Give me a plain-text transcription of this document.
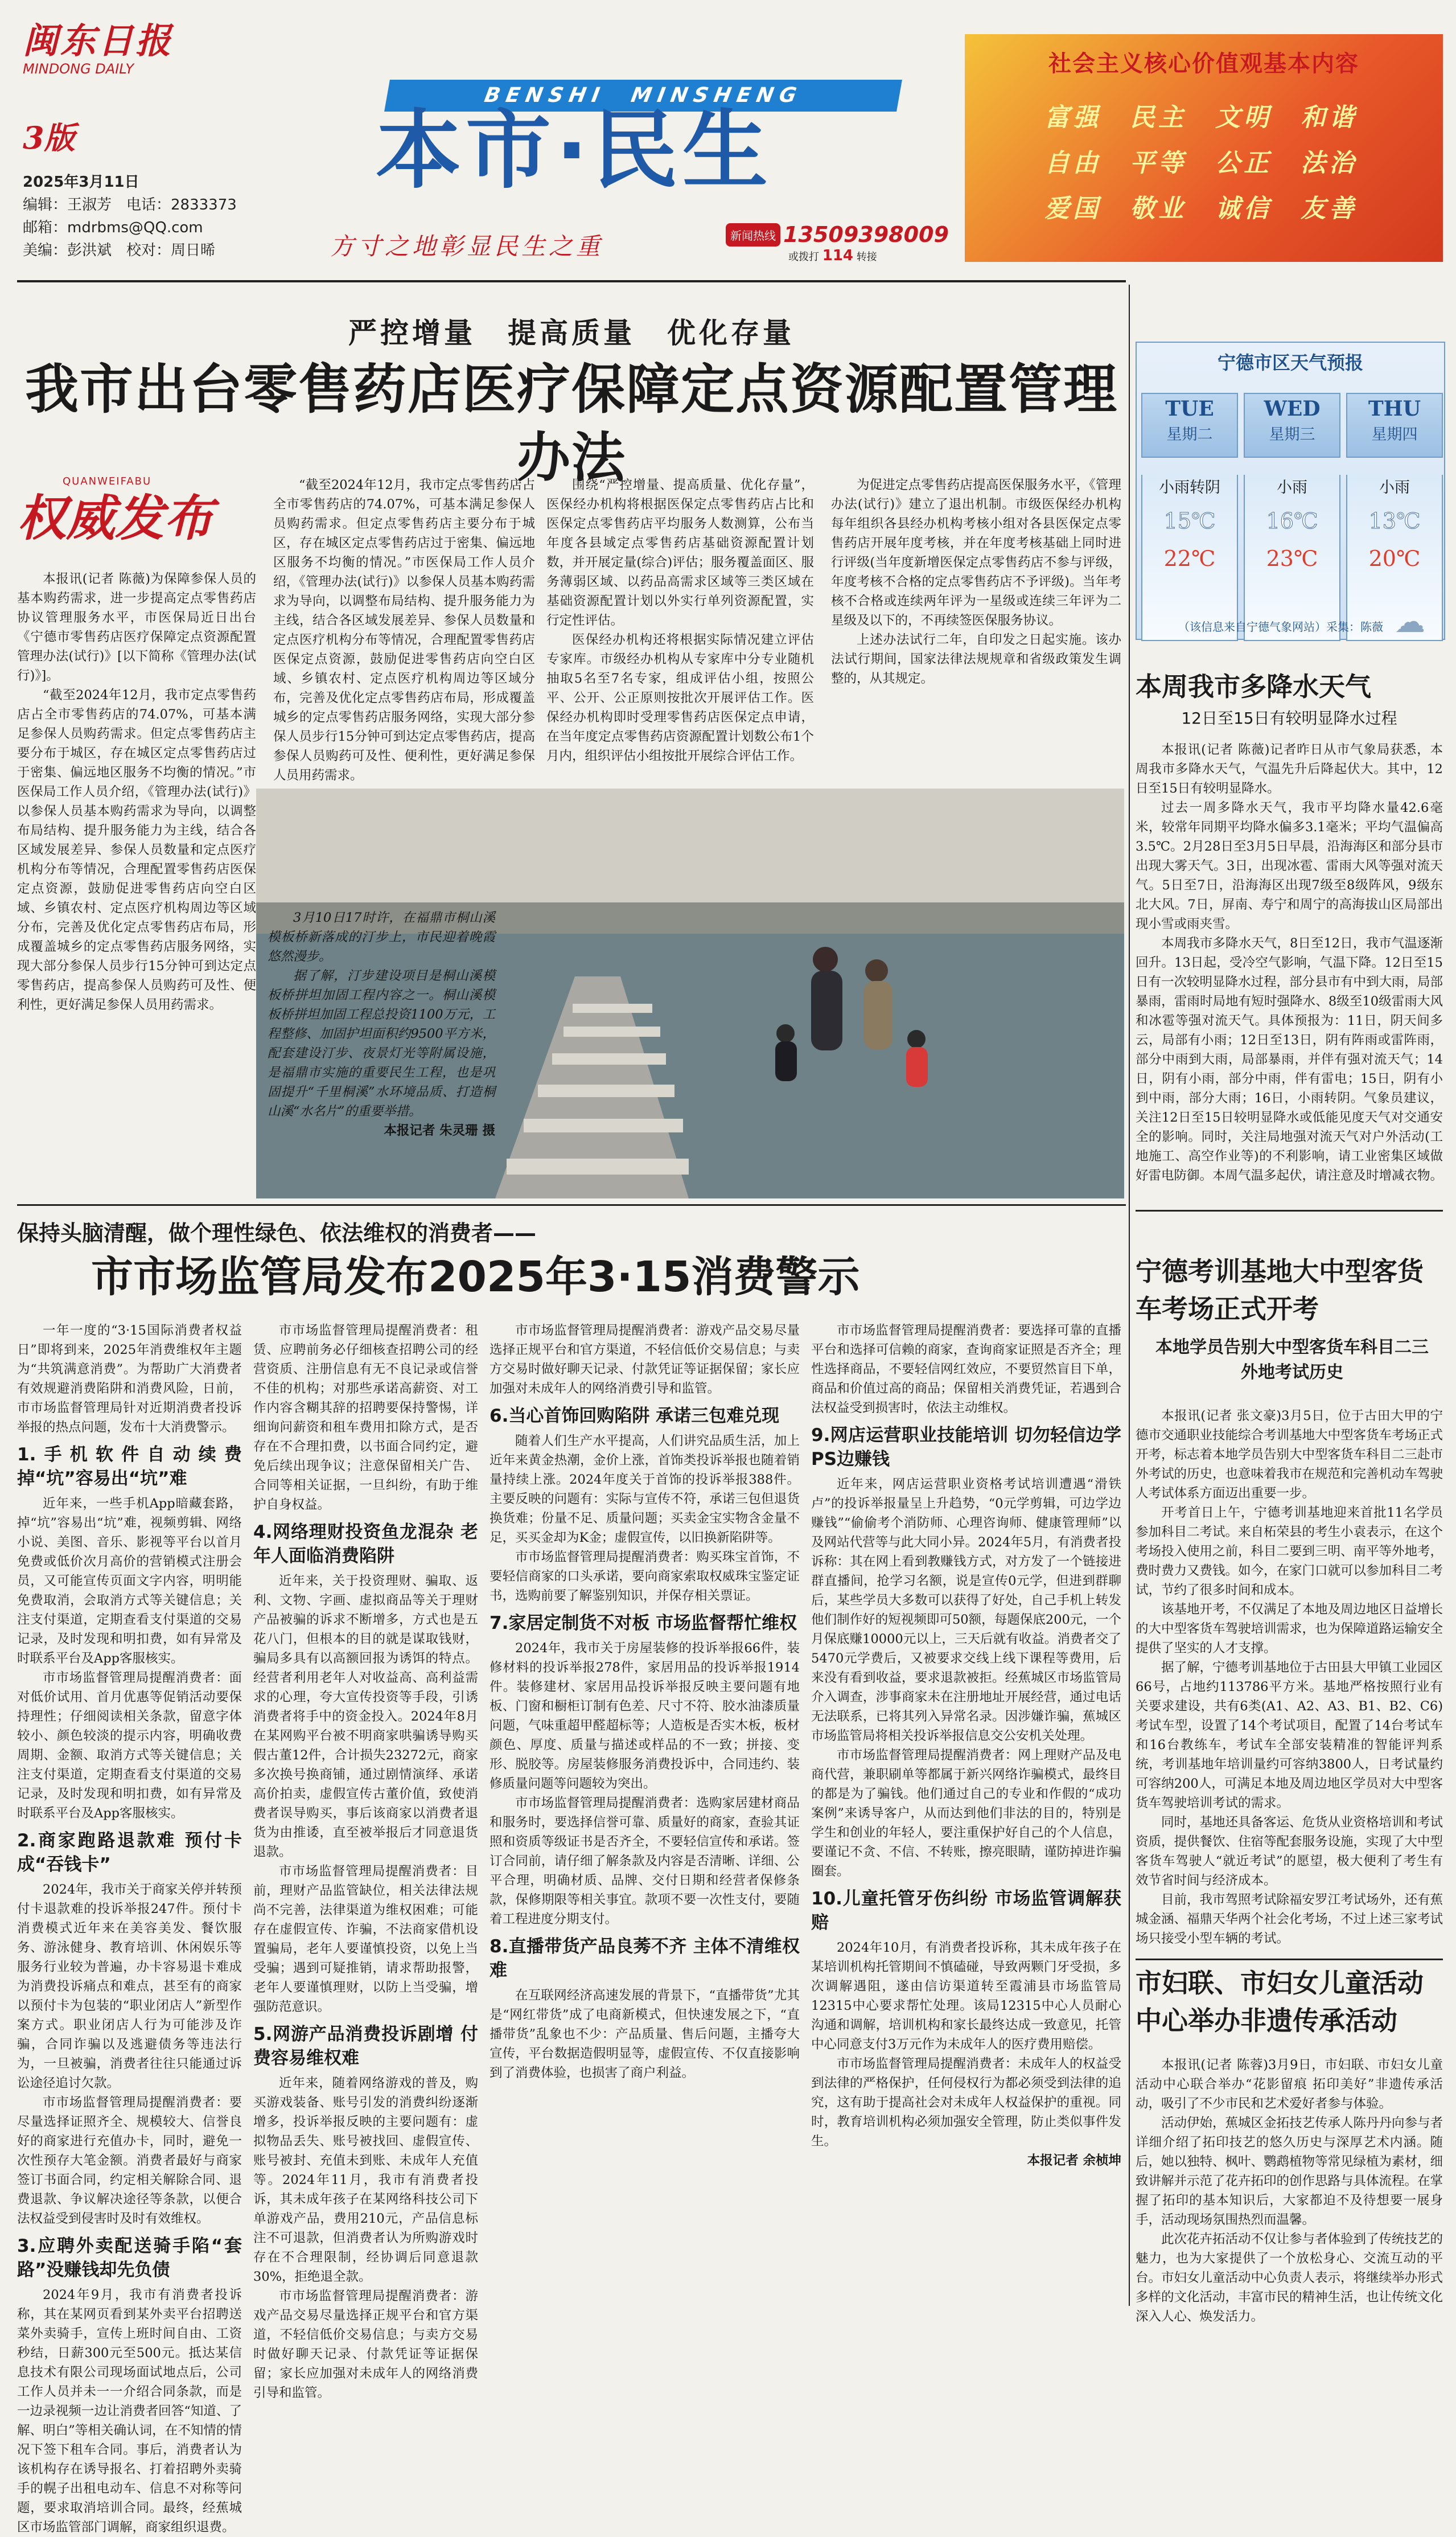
闽东日报
MINDONG DAILY
3版
2025年3月11日
编辑：王淑芳　电话：2833373
邮箱：mdrbms@QQ.com
美编：彭洪斌　校对：周日晞
BENSHI　MINSHENG
本市·民生
方寸之地彰显民生之重	新闻热线 13509398009
或拨打 114 转接
社会主义核心价值观基本内容
富强　民主　文明　和谐
自由　平等　公正　法治
爱国　敬业　诚信　友善
严控增量　提高质量　优化存量
我市出台零售药店医疗保障定点资源配置管理办法
QUANWEIFABU
权威发布

本报讯(记者 陈薇)为保障参保人员的基本购药需求，进一步提高定点零售药店协议管理服务水平，市医保局近日出台《宁德市零售药店医疗保障定点资源配置管理办法(试行)》[以下简称《管理办法(试行)》]。

“截至2024年12月，我市定点零售药店占全市零售药店的74.07%，可基本满足参保人员购药需求。但定点零售药店主要分布于城区，存在城区定点零售药店过于密集、偏远地区服务不均衡的情况。”市医保局工作人员介绍，《管理办法(试行)》以参保人员基本购药需求为导向，以调整布局结构、提升服务能力为主线，结合各区域发展差异、参保人员数量和定点医疗机构分布等情况，合理配置零售药店医保定点资源，鼓励促进零售药店向空白区域、乡镇农村、定点医疗机构周边等区域分布，完善及优化定点零售药店布局，形成覆盖城乡的定点零售药店服务网络，实现大部分参保人员步行15分钟可到达定点零售药店，提高参保人员购药可及性、便利性，更好满足参保人员用药需求。

“截至2024年12月，我市定点零售药店占全市零售药店的74.07%，可基本满足参保人员购药需求。但定点零售药店主要分布于城区，存在城区定点零售药店过于密集、偏远地区服务不均衡的情况。”市医保局工作人员介绍，《管理办法(试行)》以参保人员基本购药需求为导向，以调整布局结构、提升服务能力为主线，结合各区域发展差异、参保人员数量和定点医疗机构分布等情况，合理配置零售药店医保定点资源，鼓励促进零售药店向空白区域、乡镇农村、定点医疗机构周边等区域分布，完善及优化定点零售药店布局，形成覆盖城乡的定点零售药店服务网络，实现大部分参保人员步行15分钟可到达定点零售药店，提高参保人员购药可及性、便利性，更好满足参保人员用药需求。

围绕“严控增量、提高质量、优化存量”，医保经办机构将根据医保定点零售药店占比和医保定点零售药店平均服务人数测算，公布当年度各县域定点零售药店基础资源配置计划数，并开展定量(综合)评估；服务覆盖面区、服务薄弱区域、以药品高需求区域等三类区域在基础资源配置计划以外实行单列资源配置，实行定性评估。

医保经办机构还将根据实际情况建立评估专家库。市级经办机构从专家库中分专业随机抽取5名至7名专家，组成评估小组，按照公平、公开、公正原则按批次开展评估工作。医保经办机构即时受理零售药店医保定点申请，在当年度定点零售药店资源配置计划数公布1个月内，组织评估小组按批开展综合评估工作。

为促进定点零售药店提高医保服务水平，《管理办法(试行)》建立了退出机制。市级医保经办机构每年组织各县经办机构考核小组对各县医保定点零售药店开展年度考核，并在年度考核基础上同时进行评级(当年度新增医保定点零售药店不参与评级，年度考核不合格的定点零售药店不予评级)。当年考核不合格或连续两年评为一星级或连续三年评为二星级及以下的，不再续签医保服务协议。

上述办法试行二年，自印发之日起实施。该办法试行期间，国家法律法规规章和省级政策发生调整的，从其规定。

3月10日17时许，在福鼎市桐山溪模板桥新落成的汀步上，市民迎着晚霞悠然漫步。

据了解，汀步建设项目是桐山溪模板桥拼坦加固工程内容之一。桐山溪模板桥拼坦加固工程总投资1100万元，工程整修、加固护坦面积约9500平方米，配套建设汀步、夜景灯光等附属设施，是福鼎市实施的重要民生工程，也是巩固提升“千里桐溪”水环境品质、打造桐山溪“水名片”的重要举措。

本报记者 朱灵珊 摄
宁德市区天气预报
TUE
星期二
小雨转阴
15℃
22℃
WED
星期三
小雨
16℃
23℃
THU
星期四
小雨
13℃
20℃
（该信息来自宁德气象网站）采集：陈薇 ☁
本周我市多降水天气
12日至15日有较明显降水过程

本报讯(记者 陈薇)记者昨日从市气象局获悉，本周我市多降水天气，气温先升后降起伏大。其中，12日至15日有较明显降水。

过去一周多降水天气，我市平均降水量42.6毫米，较常年同期平均降水偏多3.1毫米；平均气温偏高3.5℃。2月28日至3月5日早晨，沿海海区和部分县市出现大雾天气。3日，出现冰雹、雷雨大风等强对流天气。5日至7日，沿海海区出现7级至8级阵风，9级东北大风。7日，屏南、寿宁和周宁的高海拔山区局部出现小雪或雨夹雪。

本周我市多降水天气，8日至12日，我市气温逐渐回升。13日起，受冷空气影响，气温下降。12日至15日有一次较明显降水过程，部分县市有中到大雨，局部暴雨，雷雨时局地有短时强降水、8级至10级雷雨大风和冰雹等强对流天气。具体预报为：11日，阴天间多云，局部有小雨；12日至13日，阴有阵雨或雷阵雨，部分中雨到大雨，局部暴雨，并伴有强对流天气；14日，阴有小雨，部分中雨，伴有雷电；15日，阴有小到中雨，部分大雨；16日，小雨转阴。气象员建议，关注12日至15日较明显降水或低能见度天气对交通安全的影响。同时，关注局地强对流天气对户外活动(工地施工、高空作业等)的不利影响，请工业密集区域做好雷电防御。本周气温多起伏，请注意及时增减衣物。

保持头脑清醒，做个理性绿色、依法维权的消费者——
市市场监管局发布2025年3·15消费警示

一年一度的“3·15国际消费者权益日”即将到来，2025年消费维权年主题为“共筑满意消费”。为帮助广大消费者有效规避消费陷阱和消费风险，日前，市市场监督管理局针对近期消费者投诉举报的热点问题，发布十大消费警示。

1.手机软件自动续费 掉“坑”容易出“坑”难

近年来，一些手机App暗藏套路，掉“坑”容易出“坑”难，视频剪辑、网络小说、美图、音乐、影视等平台以首月免费或低价次月高价的营销模式注册会员，又可能宣传页面文字内容，明明能免费取消，会取消方式等关键信息；关注支付渠道，定期查看支付渠道的交易记录，及时发现和明扣费，如有异常及时联系平台及App客服核实。

市市场监督管理局提醒消费者：面对低价试用、首月优惠等促销活动要保持理性；仔细阅读相关条款，留意字体较小、颜色较淡的提示内容，明确收费周期、金额、取消方式等关键信息；关注支付渠道，定期查看支付渠道的交易记录，及时发现和明扣费，如有异常及时联系平台及App客服核实。

2.商家跑路退款难 预付卡成“吞钱卡”

2024年，我市关于商家关停并转预付卡退款难的投诉举报247件。预付卡消费模式近年来在美容美发、餐饮服务、游泳健身、教育培训、休闲娱乐等服务行业较为普遍，办卡容易退卡难成为消费投诉痛点和难点，甚至有的商家以预付卡为包装的“职业闭店人”新型作案方式。职业闭店人行为可能涉及诈骗，合同诈骗以及逃避债务等违法行为，一旦被骗，消费者往往只能通过诉讼途径追讨欠款。

市市场监督管理局提醒消费者：要尽量选择证照齐全、规模较大、信誉良好的商家进行充值办卡，同时，避免一次性预存大笔金额。消费者最好与商家签订书面合同，约定相关解除合同、退费退款、争议解决途径等条款，以便合法权益受到侵害时及时有效维权。

3.应聘外卖配送骑手陷“套路”没赚钱却先负债

2024年9月，我市有消费者投诉称，其在某网页看到某外卖平台招聘送菜外卖骑手，宣传上班时间自由、工资秒结，日薪300元至500元。抵达某信息技术有限公司现场面试地点后，公司工作人员并未一一介绍合同条款，而是一边录视频一边让消费者回答“知道、了解、明白”等相关确认词，在不知情的情况下签下租车合同。事后，消费者认为该机构存在诱导报名、打着招聘外卖骑手的幌子出租电动车、信息不对称等问题，要求取消培训合同。最终，经蕉城区市场监管部门调解，商家组织退费。

市市场监督管理局提醒消费者：租赁、应聘前务必仔细核查招聘公司的经营资质、注册信息有无不良记录或信誉不佳的机构；对那些承诺高薪资、对工作内容含糊其辞的招聘要保持警惕，详细询问薪资和租车费用扣除方式，是否存在不合理扣费，以书面合同约定，避免后续出现争议；注意保留相关广告、合同等相关证据，一旦纠纷，有助于维护自身权益。

4.网络理财投资鱼龙混杂 老年人面临消费陷阱

近年来，关于投资理财、骗取、返利、文物、字画、虚拟商品等关于理财产品被骗的诉求不断增多，方式也是五花八门，但根本的目的就是谋取钱财，骗局多具有以高额回报为诱饵的特点。经营者利用老年人对收益高、高利益需求的心理，夸大宣传投资等手段，引诱消费者将手中的资金投入。2024年8月在某网购平台被不明商家哄骗诱导购买假古董12件，合计损失23272元，商家多次换号换商铺，通过剧情演绎、承诺高价拍卖，虚假宣传古董价值，致使消费者误导购买，事后该商家以消费者退货为由推诿，直至被举报后才同意退货退款。

市市场监督管理局提醒消费者：目前，理财产品监管缺位，相关法律法规尚不完善，法律渠道为维权困难；可能存在虚假宣传、诈骗，不法商家借机设置骗局，老年人要谨慎投资，以免上当受骗；遇到可疑推销，请求帮助报警，老年人要谨慎理财，以防上当受骗，增强防范意识。

5.网游产品消费投诉剧增 付费容易维权难

近年来，随着网络游戏的普及，购买游戏装备、账号引发的消费纠纷逐渐增多，投诉举报反映的主要问题有：虚拟物品丢失、账号被找回、虚假宣传、账号被封、充值未到账、未成年人充值等。2024年11月，我市有消费者投诉，其未成年孩子在某网络科技公司下单游戏产品，费用210元，产品信息标注不可退款，但消费者认为所购游戏时存在不合理限制，经协调后同意退款30%，拒绝退全款。

市市场监督管理局提醒消费者：游戏产品交易尽量选择正规平台和官方渠道，不轻信低价交易信息；与卖方交易时做好聊天记录、付款凭证等证据保留；家长应加强对未成年人的网络消费引导和监管。

市市场监督管理局提醒消费者：游戏产品交易尽量选择正规平台和官方渠道，不轻信低价交易信息；与卖方交易时做好聊天记录、付款凭证等证据保留；家长应加强对未成年人的网络消费引导和监管。

6.当心首饰回购陷阱 承诺三包难兑现

随着人们生产水平提高，人们讲究品质生活，加上近年来黄金热潮，金价上涨，首饰类投诉举报也随着销量持续上涨。2024年度关于首饰的投诉举报388件。主要反映的问题有：实际与宣传不符，承诺三包但退货换货难；份量不足、质量问题；买卖金宝实物含金量不足，买买金却为K金；虚假宣传，以旧换新陷阱等。

市市场监督管理局提醒消费者：购买珠宝首饰，不要轻信商家的口头承诺，要向商家索取权威珠宝鉴定证书，选购前要了解鉴别知识，并保存相关票证。

7.家居定制货不对板 市场监督帮忙维权

2024年，我市关于房屋装修的投诉举报66件，装修材料的投诉举报278件，家居用品的投诉举报1914件。装修建材、家居用品投诉举报反映主要问题有地板、门窗和橱柜订制有色差、尺寸不符、胶水油漆质量问题，气味重超甲醛超标等；人造板是否实木板，板材颜色、厚度、质量与描述或样品的不一致；拼接、变形、脱胶等。房屋装修服务消费投诉中，合同违约、装修质量问题等问题较为突出。

市市场监督管理局提醒消费者：选购家居建材商品和服务时，要选择信誉可靠、质量好的商家，查验其证照和资质等级证书是否齐全，不要轻信宣传和承诺。签订合同前，请仔细了解条款及内容是否清晰、详细、公平合理，明确材质、品牌、交付日期和经营者保修条款，保修期限等相关事宜。款项不要一次性支付，要随着工程进度分期支付。

8.直播带货产品良莠不齐 主体不清维权难

在互联网经济高速发展的背景下，“直播带货”尤其是“网红带货”成了电商新模式，但快速发展之下，“直播带货”乱象也不少：产品质量、售后问题，主播夸大宣传，平台数据造假明显等，虚假宣传、不仅直接影响到了消费体验，也损害了商户利益。

市市场监督管理局提醒消费者：要选择可靠的直播平台和选择可信赖的商家，查询商家证照是否齐全；理性选择商品，不要轻信网红效应，不要贸然盲目下单，商品和价值过高的商品；保留相关消费凭证，若遇到合法权益受到损害时，依法主动维权。

9.网店运营职业技能培训 切勿轻信边学PS边赚钱

近年来，网店运营职业资格考试培训遭遇“滑铁卢”的投诉举报量呈上升趋势，“0元学剪辑，可边学边赚钱”“偷偷考个消防师、心理咨询师、健康管理师”以及网站代营等与此大同小异。2024年5月，有消费者投诉称：其在网上看到教赚钱方式，对方发了一个链接进群直播间，抢学习名额，说是宣传0元学，但进到群聊后，某些学员大多数可以获得了好处，自己手机上转发他们制作好的短视频即可50额，每题保底200元，一个月保底赚10000元以上，三天后就有收益。消费者交了5470元学费后，又被要求交线上线下课程等费用，后来没有看到收益，要求退款被拒。经蕉城区市场监管局介入调查，涉事商家未在注册地址开展经营，通过电话无法联系，已将其列入异常名录。因涉嫌诈骗，蕉城区市场监管局将相关投诉举报信息交公安机关处理。

市市场监督管理局提醒消费者：网上理财产品及电商代营，兼职刷单等都属于新兴网络诈骗模式，最终目的都是为了骗钱。他们通过自己的专业和作假的“成功案例”来诱导客户，从而达到他们非法的目的，特别是学生和创业的年轻人，要注重保护好自己的个人信息，要谨记不贪、不信、不转账，擦亮眼睛，谨防掉进诈骗圈套。

10.儿童托管牙伤纠纷 市场监管调解获赔

2024年10月，有消费者投诉称，其未成年孩子在某培训机构托管期间不慎磕碰，导致两颗门牙受损，多次调解遇阻，遂由信访渠道转至霞浦县市场监管局12315中心要求帮忙处理。该局12315中心人员耐心沟通和调解，培训机构和家长最终达成一致意见，托管中心同意支付3万元作为未成年人的医疗费用赔偿。

市市场监督管理局提醒消费者：未成年人的权益受到法律的严格保护，任何侵权行为都必须受到法律的追究，这有助于提高社会对未成年人权益保护的重视。同时，教育培训机构必须加强安全管理，防止类似事件发生。

本报记者 余桢坤
宁德考训基地大中型客货车考场正式开考
本地学员告别大中型客货车科目二三外地考试历史

本报讯(记者 张文豪)3月5日，位于古田大甲的宁德市交通职业技能综合考训基地大中型客货车考场正式开考，标志着本地学员告别大中型客货车科目二三赴市外考试的历史，也意味着我市在规范和完善机动车驾驶人考试体系方面迈出重要一步。

开考首日上午，宁德考训基地迎来首批11名学员参加科目二考试。来自柘荣县的考生小袁表示，在这个考场投入使用之前，科目二要到三明、南平等外地考，费时费力又费钱。如今，在家门口就可以参加科目二考试，节约了很多时间和成本。

该基地开考，不仅满足了本地及周边地区日益增长的大中型客货车驾驶培训需求，也为保障道路运输安全提供了坚实的人才支撑。

据了解，宁德考训基地位于古田县大甲镇工业园区66号，占地约113786平方米。基地严格按照行业有关要求建设，共有6类(A1、A2、A3、B1、B2、C6)考试车型，设置了14个考试项目，配置了14台考试车和16台教练车，考试车全部安装精准的智能评判系统，考训基地年培训量约可容纳3800人，日考试量约可容纳200人，可满足本地及周边地区学员对大中型客货车驾驶培训考试的需求。

同时，基地还具备客运、危货从业资格培训和考试资质，提供餐饮、住宿等配套服务设施，实现了大中型客货车驾驶人“就近考试”的愿望，极大便利了考生有效节省时间与经济成本。

目前，我市驾照考试除福安罗江考试场外，还有蕉城金涵、福鼎天华两个社会化考场，不过上述三家考试场只接受小型车辆的考试。

市妇联、市妇女儿童活动中心举办非遗传承活动

本报讯(记者 陈蓉)3月9日，市妇联、市妇女儿童活动中心联合举办“花影留痕 拓印美好”非遗传承活动，吸引了不少市民和艺术爱好者参与体验。

活动伊始，蕉城区金拓技艺传承人陈丹丹向参与者详细介绍了拓印技艺的悠久历史与深厚艺术内涵。随后，她以独特、枫叶、鹦鹉植物等常见绿植为素材，细致讲解并示范了花卉拓印的创作思路与具体流程。在掌握了拓印的基本知识后，大家都迫不及待想要一展身手，活动现场氛围热烈而温馨。

此次花卉拓活动不仅让参与者体验到了传统技艺的魅力，也为大家提供了一个放松身心、交流互动的平台。市妇女儿童活动中心负责人表示，将继续举办形式多样的文化活动，丰富市民的精神生活，也让传统文化深入人心、焕发活力。
